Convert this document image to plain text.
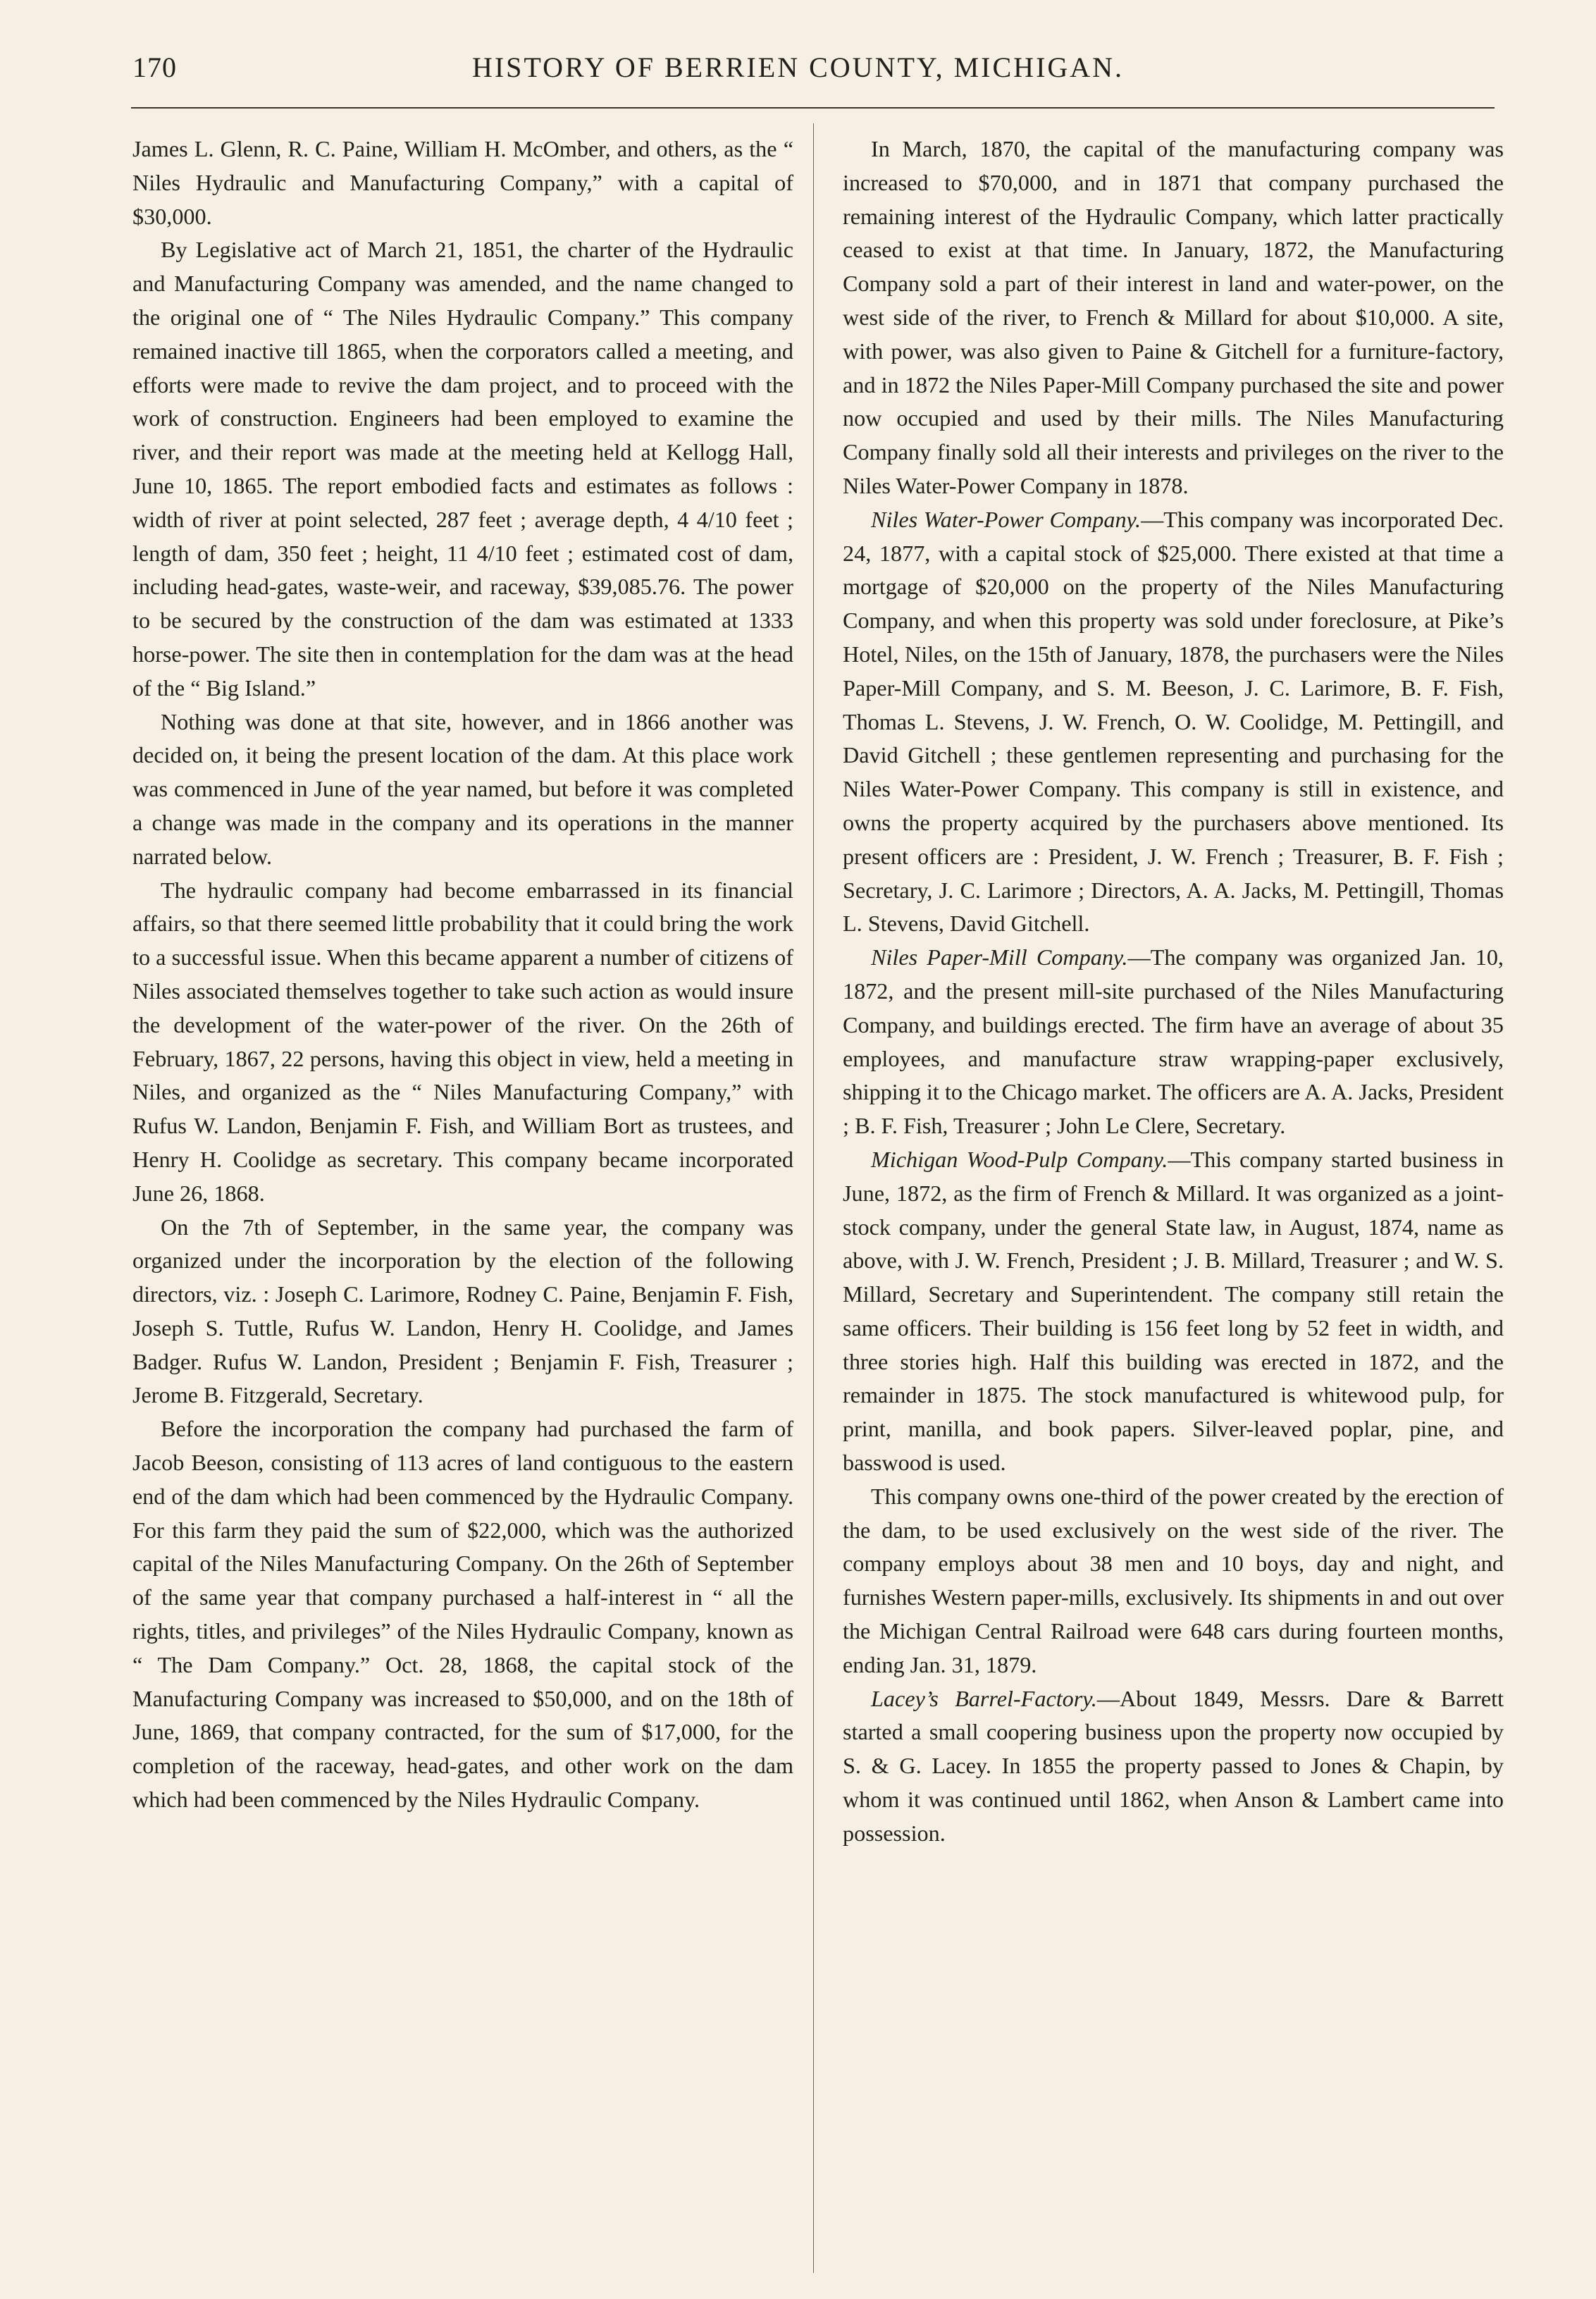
170	HISTORY OF BERRIEN COUNTY, MICHIGAN.

James L. Glenn, R. C. Paine, William H. McOmber, and others, as the “ Niles Hydraulic and Manufacturing Company,” with a capital of $30,000.

By Legislative act of March 21, 1851, the charter of the Hydraulic and Manufacturing Company was amended, and the name changed to the original one of “ The Niles Hydraulic Company.” This company remained inactive till 1865, when the corporators called a meeting, and efforts were made to revive the dam project, and to proceed with the work of construction. Engineers had been employed to examine the river, and their report was made at the meeting held at Kellogg Hall, June 10, 1865. The report embodied facts and estimates as follows : width of river at point selected, 287 feet ; average depth, 4 4/10 feet ; length of dam, 350 feet ; height, 11 4/10 feet ; estimated cost of dam, including head-gates, waste-weir, and raceway, $39,085.76. The power to be secured by the construction of the dam was estimated at 1333 horse-power. The site then in contemplation for the dam was at the head of the “ Big Island.”

Nothing was done at that site, however, and in 1866 another was decided on, it being the present location of the dam. At this place work was commenced in June of the year named, but before it was completed a change was made in the company and its operations in the manner narrated below.

The hydraulic company had become embarrassed in its financial affairs, so that there seemed little probability that it could bring the work to a successful issue. When this became apparent a number of citizens of Niles associated themselves together to take such action as would insure the development of the water-power of the river. On the 26th of February, 1867, 22 persons, having this object in view, held a meeting in Niles, and organized as the “ Niles Manufacturing Company,” with Rufus W. Landon, Benjamin F. Fish, and William Bort as trustees, and Henry H. Coolidge as secretary. This company became incorporated June 26, 1868.

On the 7th of September, in the same year, the company was organized under the incorporation by the election of the following directors, viz. : Joseph C. Larimore, Rodney C. Paine, Benjamin F. Fish, Joseph S. Tuttle, Rufus W. Landon, Henry H. Coolidge, and James Badger. Rufus W. Landon, President ; Benjamin F. Fish, Treasurer ; Jerome B. Fitzgerald, Secretary.

Before the incorporation the company had purchased the farm of Jacob Beeson, consisting of 113 acres of land contiguous to the eastern end of the dam which had been commenced by the Hydraulic Company. For this farm they paid the sum of $22,000, which was the authorized capital of the Niles Manufacturing Company. On the 26th of September of the same year that company purchased a half-interest in “ all the rights, titles, and privileges” of the Niles Hydraulic Company, known as “ The Dam Company.” Oct. 28, 1868, the capital stock of the Manufacturing Company was increased to $50,000, and on the 18th of June, 1869, that company contracted, for the sum of $17,000, for the completion of the raceway, head-gates, and other work on the dam which had been commenced by the Niles Hydraulic Company.

In March, 1870, the capital of the manufacturing company was increased to $70,000, and in 1871 that company purchased the remaining interest of the Hydraulic Company, which latter practically ceased to exist at that time. In January, 1872, the Manufacturing Company sold a part of their interest in land and water-power, on the west side of the river, to French & Millard for about $10,000. A site, with power, was also given to Paine & Gitchell for a furniture-factory, and in 1872 the Niles Paper-Mill Company purchased the site and power now occupied and used by their mills. The Niles Manufacturing Company finally sold all their interests and privileges on the river to the Niles Water-Power Company in 1878.

Niles Water-Power Company.—This company was incorporated Dec. 24, 1877, with a capital stock of $25,000. There existed at that time a mortgage of $20,000 on the property of the Niles Manufacturing Company, and when this property was sold under foreclosure, at Pike’s Hotel, Niles, on the 15th of January, 1878, the purchasers were the Niles Paper-Mill Company, and S. M. Beeson, J. C. Larimore, B. F. Fish, Thomas L. Stevens, J. W. French, O. W. Coolidge, M. Pettingill, and David Gitchell ; these gentlemen representing and purchasing for the Niles Water-Power Company. This company is still in existence, and owns the property acquired by the purchasers above mentioned. Its present officers are : President, J. W. French ; Treasurer, B. F. Fish ; Secretary, J. C. Larimore ; Directors, A. A. Jacks, M. Pettingill, Thomas L. Stevens, David Gitchell.

Niles Paper-Mill Company.—The company was organized Jan. 10, 1872, and the present mill-site purchased of the Niles Manufacturing Company, and buildings erected. The firm have an average of about 35 employees, and manufacture straw wrapping-paper exclusively, shipping it to the Chicago market. The officers are A. A. Jacks, President ; B. F. Fish, Treasurer ; John Le Clere, Secretary.

Michigan Wood-Pulp Company.—This company started business in June, 1872, as the firm of French & Millard. It was organized as a joint-stock company, under the general State law, in August, 1874, name as above, with J. W. French, President ; J. B. Millard, Treasurer ; and W. S. Millard, Secretary and Superintendent. The company still retain the same officers. Their building is 156 feet long by 52 feet in width, and three stories high. Half this building was erected in 1872, and the remainder in 1875. The stock manufactured is whitewood pulp, for print, manilla, and book papers. Silver-leaved poplar, pine, and basswood is used.

This company owns one-third of the power created by the erection of the dam, to be used exclusively on the west side of the river. The company employs about 38 men and 10 boys, day and night, and furnishes Western paper-mills, exclusively. Its shipments in and out over the Michigan Central Railroad were 648 cars during fourteen months, ending Jan. 31, 1879.

Lacey’s Barrel-Factory.—About 1849, Messrs. Dare & Barrett started a small coopering business upon the property now occupied by S. & G. Lacey. In 1855 the property passed to Jones & Chapin, by whom it was continued until 1862, when Anson & Lambert came into possession.
